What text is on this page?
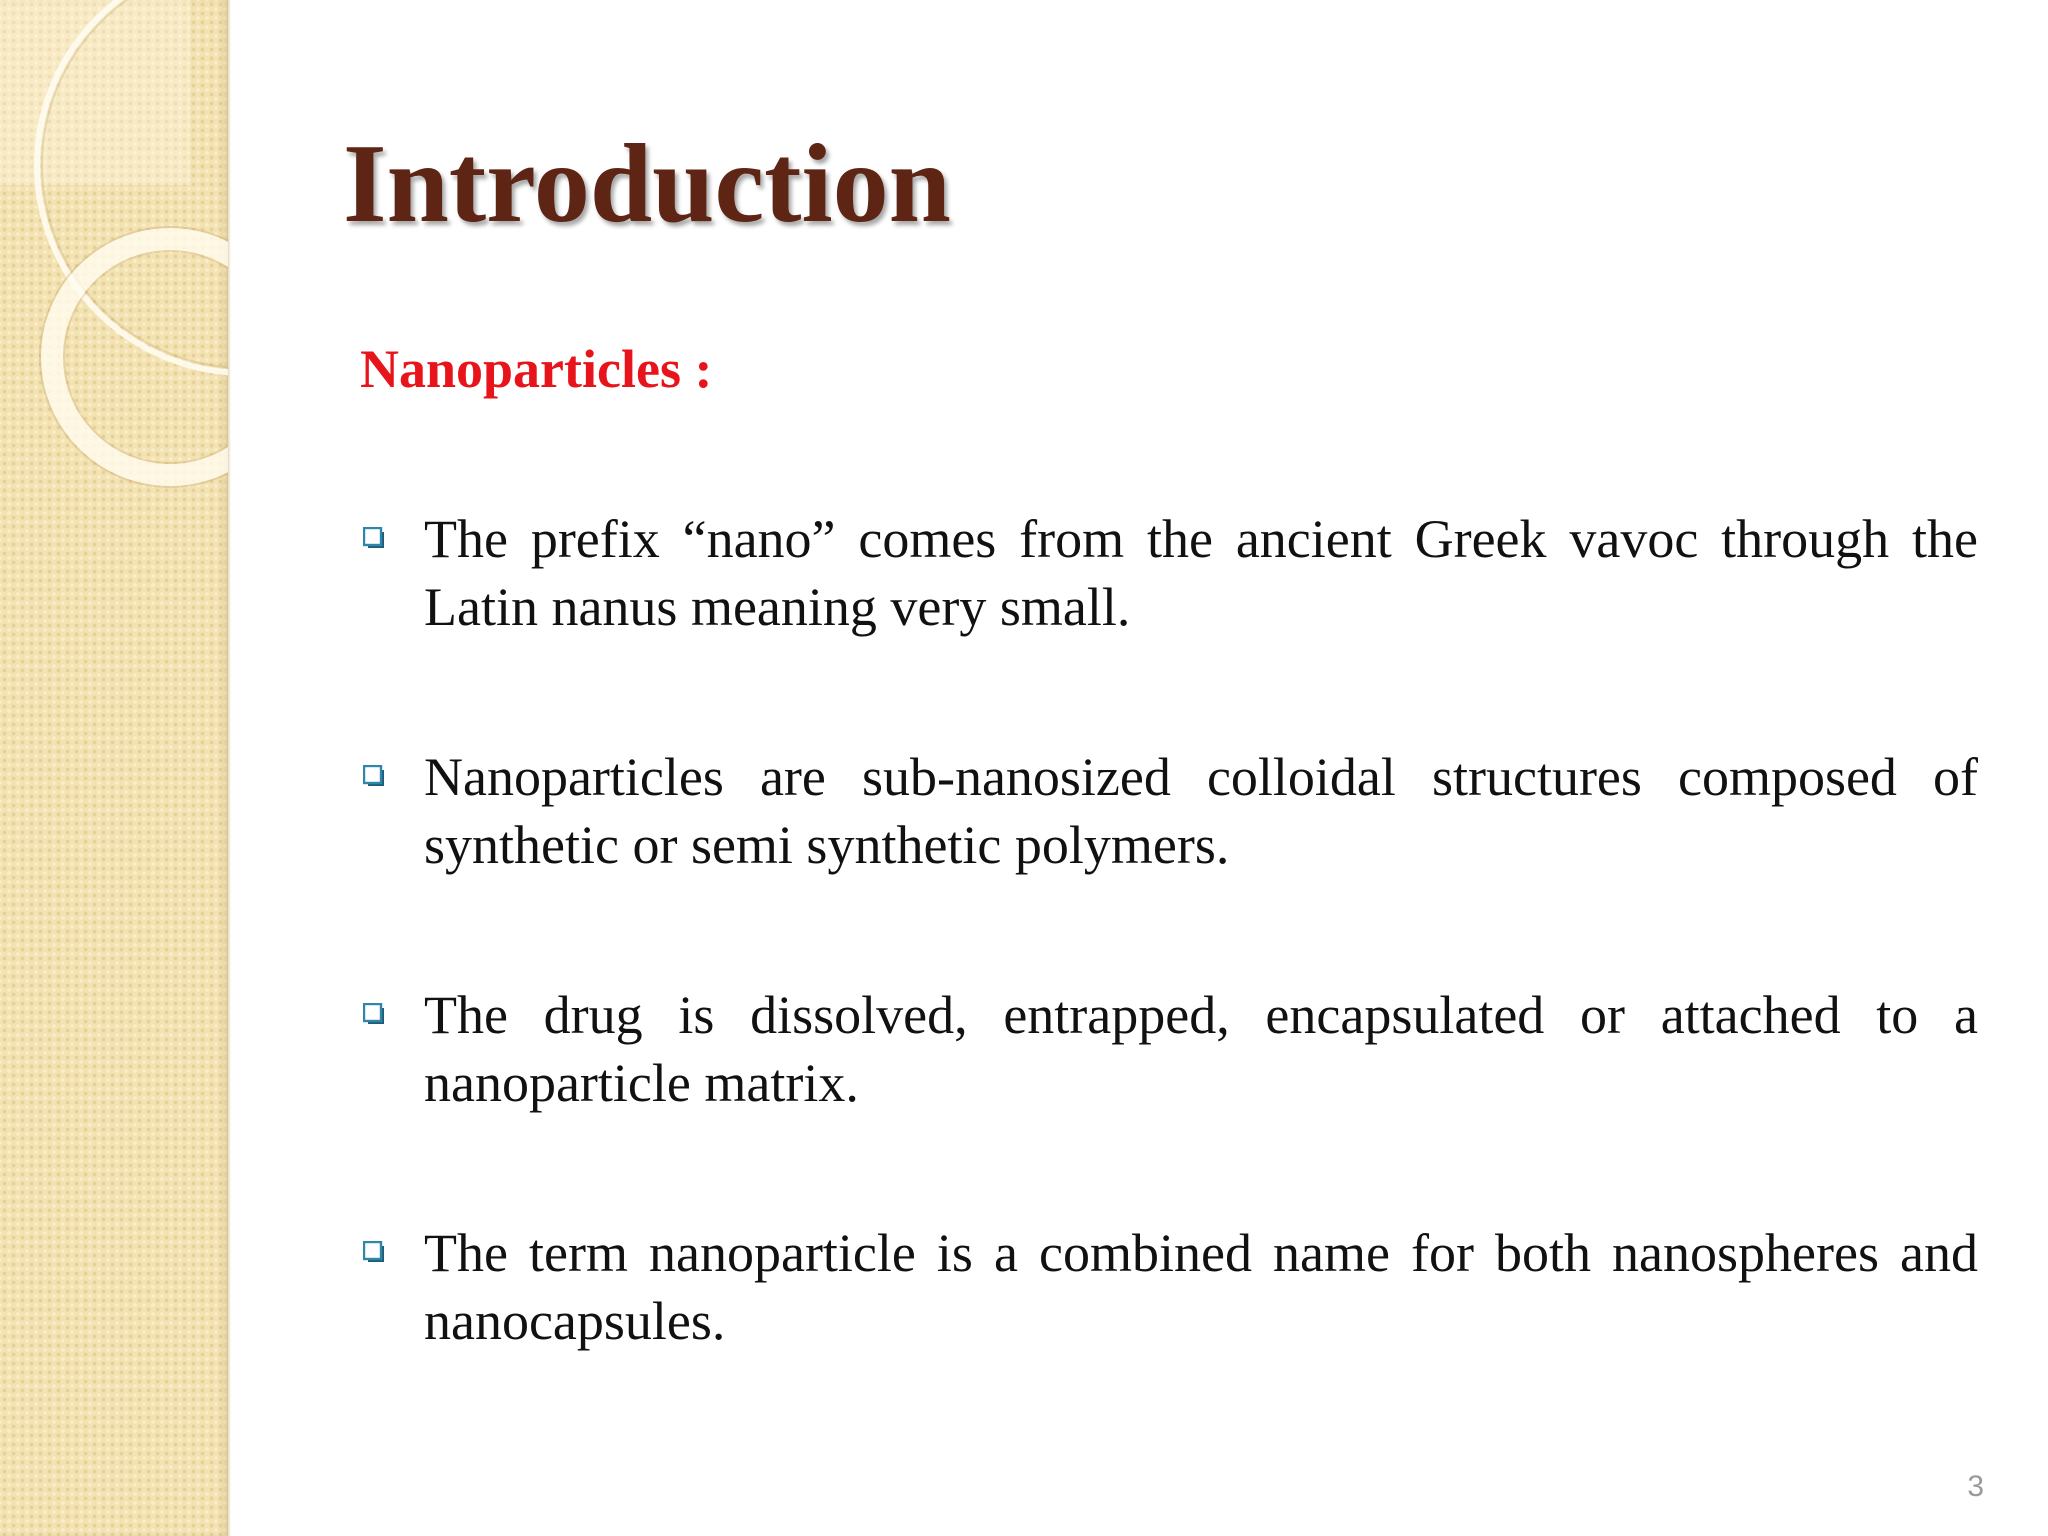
Introduction
Nanoparticles :
The prefix “nano” comes from the ancient Greek vavoc through the Latin nanus meaning very small.
Nanoparticles are sub-nanosized colloidal structures composed of synthetic or semi synthetic polymers.
The drug is dissolved, entrapped, encapsulated or attached to a nanoparticle matrix.
The term nanoparticle is a combined name for both nanospheres and nanocapsules.
3
